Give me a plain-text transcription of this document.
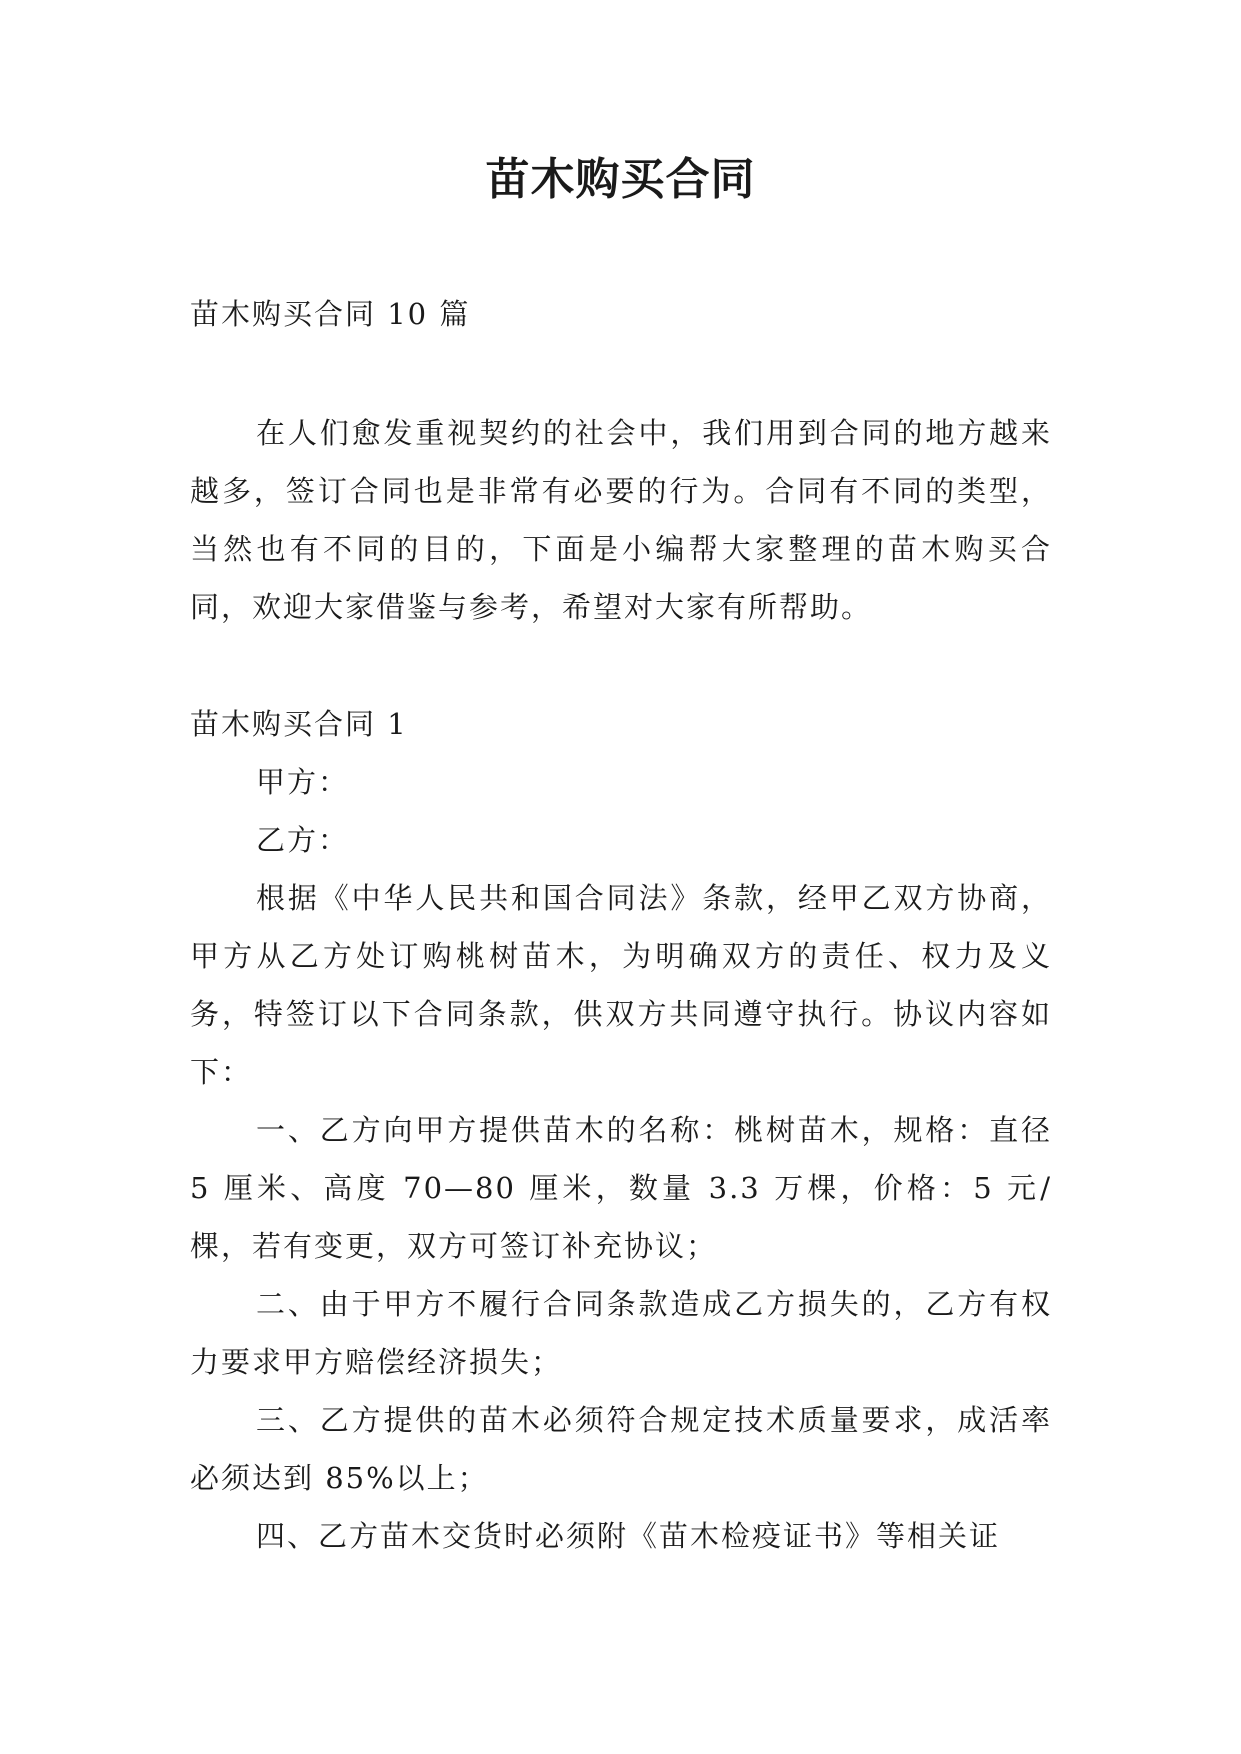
苗木购买合同

苗木购买合同 10 篇

在人们愈发重视契约的社会中，我们用到合同的地方越来越多，签订合同也是非常有必要的行为。合同有不同的类型，当然也有不同的目的，下面是小编帮大家整理的苗木购买合同，欢迎大家借鉴与参考，希望对大家有所帮助。

苗木购买合同 1

甲方：

乙方：

根据《中华人民共和国合同法》条款，经甲乙双方协商，甲方从乙方处订购桃树苗木，为明确双方的责任、权力及义务，特签订以下合同条款，供双方共同遵守执行。协议内容如下：

一、乙方向甲方提供苗木的名称：桃树苗木，规格：直径 5 厘米、高度 70—80 厘米，数量 3.3 万棵，价格：5 元/棵，若有变更，双方可签订补充协议；

二、由于甲方不履行合同条款造成乙方损失的，乙方有权力要求甲方赔偿经济损失；

三、乙方提供的苗木必须符合规定技术质量要求，成活率必须达到 85%以上；

四、乙方苗木交货时必须附《苗木检疫证书》等相关证
